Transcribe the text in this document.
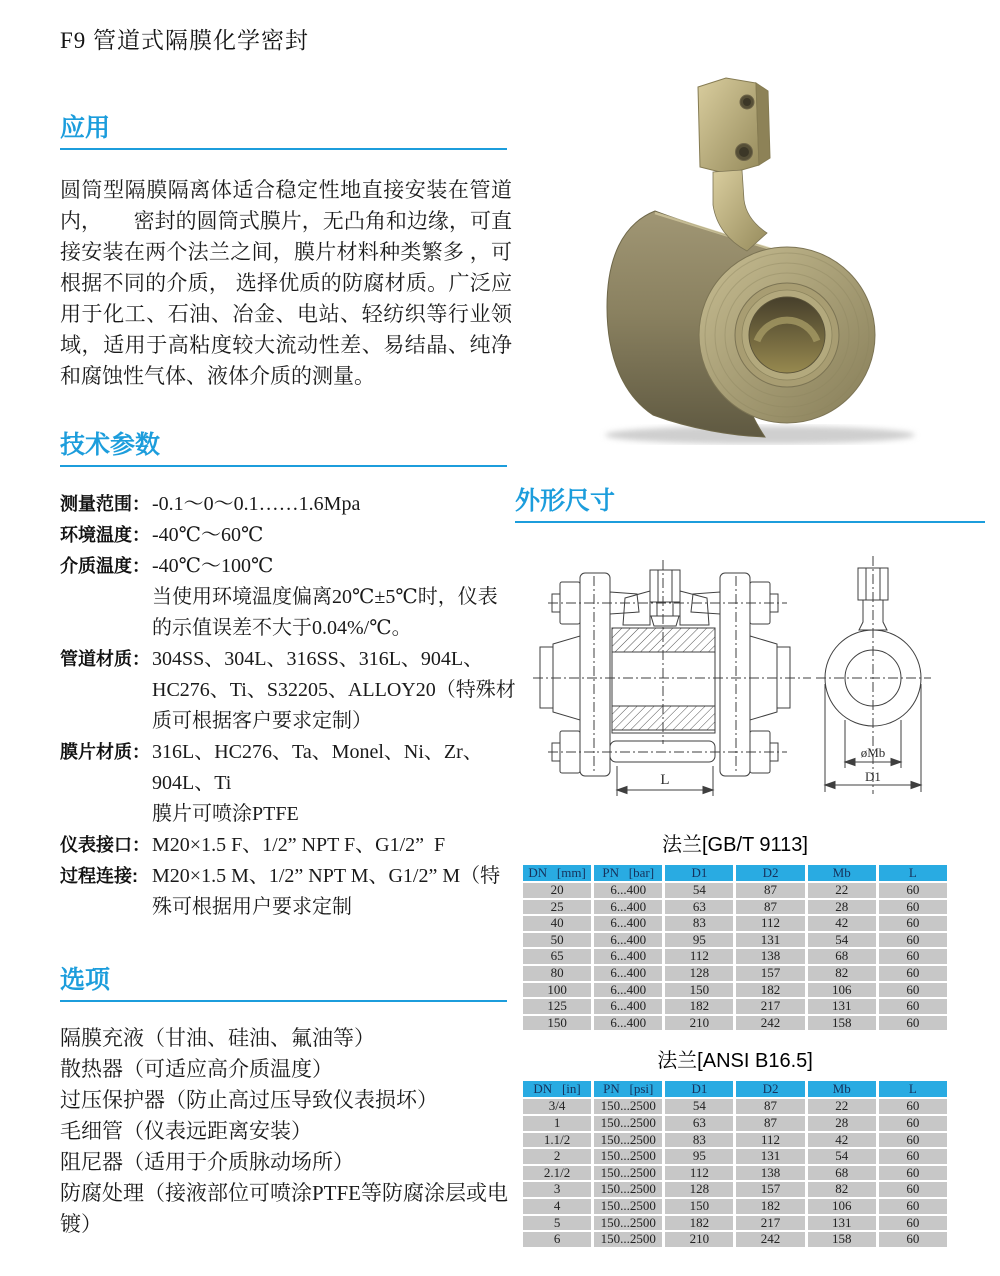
F9 管道式隔膜化学密封
应用

圆筒型隔膜隔离体适合稳定性地直接安装在管道内，　　密封的圆筒式膜片，无凸角和边缘，可直接安装在两个法兰之间，膜片材料种类繁多 ，可根据不同的介质， 选择优质的防腐材质。广泛应用于化工、石油、冶金、电站、轻纺织等行业领域，适用于高粘度较大流动性差、易结晶、纯净和腐蚀性气体、液体介质的测量。

技术参数
测量范围： -0.1～0～0.1……1.6Mpa
环境温度： -40℃～60℃
介质温度： -40℃～100℃
当使用环境温度偏离20℃±5℃时，仪表
的示值误差不大于0.04%/℃。
管道材质： 304SS、304L、316SS、316L、904L、
HC276、Ti、S32205、ALLOY20（特殊材
质可根据客户要求定制）
膜片材质： 316L、HC276、Ta、Monel、Ni、Zr、
904L、Ti
膜片可喷涂PTFE
仪表接口： M20×1.5 F、1/2” NPT F、G1/2”  F
过程连接: M20×1.5 M、1/2” NPT M、G1/2” M（特
殊可根据用户要求定制
选项
隔膜充液（甘油、硅油、氟油等）
散热器（可适应高介质温度）
过压保护器（防止高过压导致仪表损坏）
毛细管（仪表远距离安装）
阻尼器（适用于介质脉动场所）
防腐处理（接液部位可喷涂PTFE等防腐涂层或电镀）
外形尺寸
L
øMb
D1
法兰[GB/T 9113]
DN   [mm]	PN   [bar]	D1	D2	Mb	L
20	6...400	54	87	22	60
25	6...400	63	87	28	60
40	6...400	83	112	42	60
50	6...400	95	131	54	60
65	6...400	112	138	68	60
80	6...400	128	157	82	60
100	6...400	150	182	106	60
125	6...400	182	217	131	60
150	6...400	210	242	158	60
法兰[ANSI B16.5]
DN   [in]	PN   [psi]	D1	D2	Mb	L
3/4	150...2500	54	87	22	60
1	150...2500	63	87	28	60
1.1/2	150...2500	83	112	42	60
2	150...2500	95	131	54	60
2.1/2	150...2500	112	138	68	60
3	150...2500	128	157	82	60
4	150...2500	150	182	106	60
5	150...2500	182	217	131	60
6	150...2500	210	242	158	60
